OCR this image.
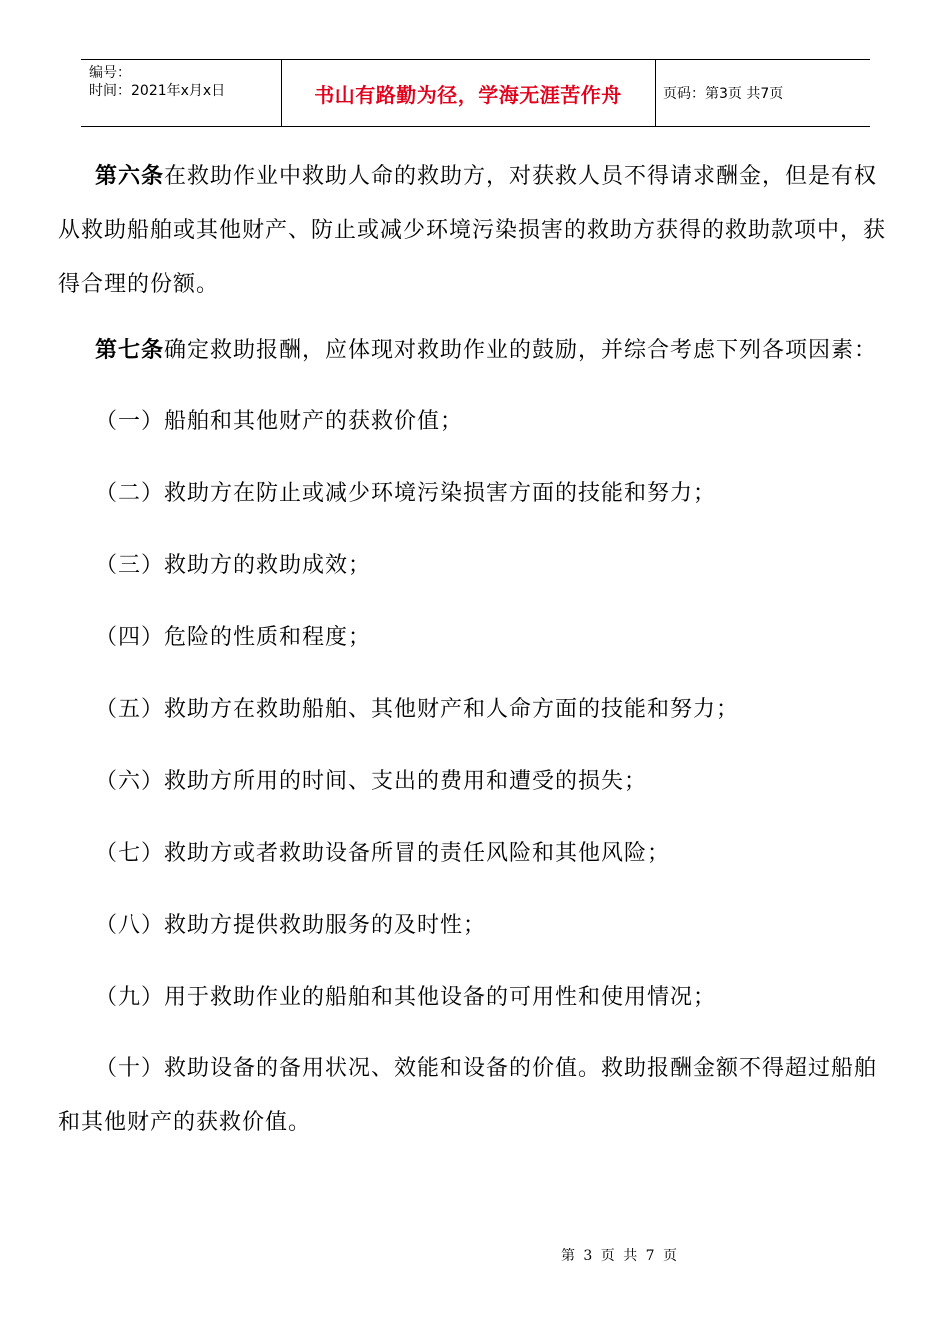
编号：
时间：2021年x月x日	书山有路勤为径，学海无涯苦作舟	页码：第3页 共7页

第六条在救助作业中救助人命的救助方，对获救人员不得请求酬金，但是有权从救助船舶或其他财产、防止或减少环境污染损害的救助方获得的救助款项中，获得合理的份额。

第七条确定救助报酬，应体现对救助作业的鼓励，并综合考虑下列各项因素：

（一）船舶和其他财产的获救价值；

（二）救助方在防止或减少环境污染损害方面的技能和努力；

（三）救助方的救助成效；

（四）危险的性质和程度；

（五）救助方在救助船舶、其他财产和人命方面的技能和努力；

（六）救助方所用的时间、支出的费用和遭受的损失；

（七）救助方或者救助设备所冒的责任风险和其他风险；

（八）救助方提供救助服务的及时性；

（九）用于救助作业的船舶和其他设备的可用性和使用情况；

（十）救助设备的备用状况、效能和设备的价值。救助报酬金额不得超过船舶和其他财产的获救价值。

第 3 页 共 7 页
